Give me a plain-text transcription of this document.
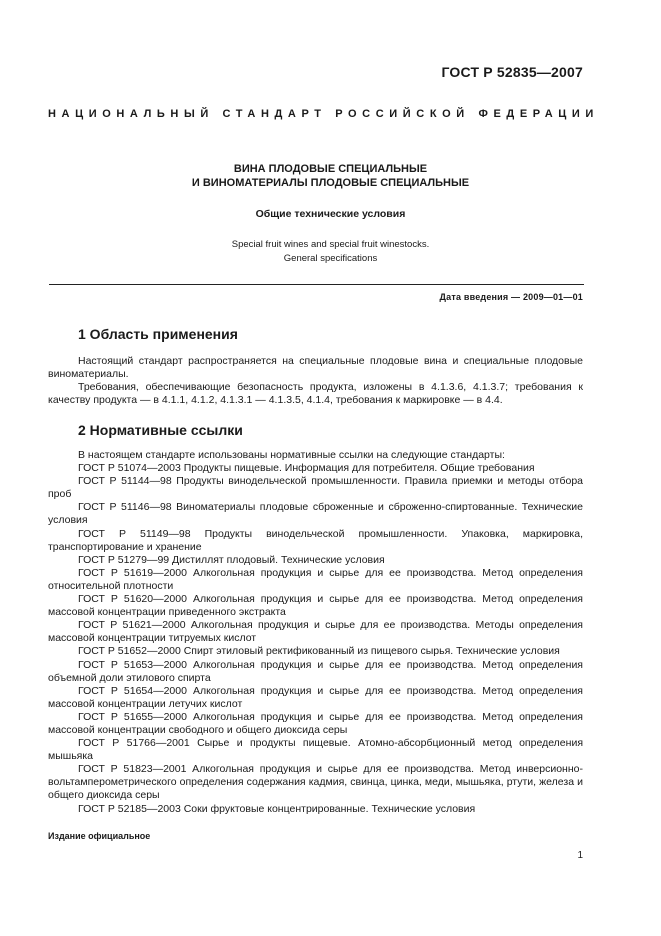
ГОСТ Р 52835—2007
НАЦИОНАЛЬНЫЙ СТАНДАРТ РОССИЙСКОЙ ФЕДЕРАЦИИ
ВИНА ПЛОДОВЫЕ СПЕЦИАЛЬНЫЕ
И ВИНОМАТЕРИАЛЫ ПЛОДОВЫЕ СПЕЦИАЛЬНЫЕ
Общие технические условия
Special fruit wines and special fruit winestocks.
General specifications
Дата введения — 2009—01—01
1 Область применения

Настоящий стандарт распространяется на специальные плодовые вина и специальные плодовые виноматериалы.

Требования, обеспечивающие безопасность продукта, изложены в 4.1.3.6, 4.1.3.7; требования к качеству продукта — в 4.1.1, 4.1.2, 4.1.3.1 — 4.1.3.5, 4.1.4, требования к маркировке — в 4.4.

2 Нормативные ссылки

В настоящем стандарте использованы нормативные ссылки на следующие стандарты:

ГОСТ Р 51074—2003 Продукты пищевые. Информация для потребителя. Общие требования

ГОСТ Р 51144—98 Продукты винодельческой промышленности. Правила приемки и методы отбора проб

ГОСТ Р 51146—98 Виноматериалы плодовые сброженные и сброженно-спиртованные. Технические условия

ГОСТ Р 51149—98 Продукты винодельческой промышленности. Упаковка, маркировка, транспортирование и хранение

ГОСТ Р 51279—99 Дистиллят плодовый. Технические условия

ГОСТ Р 51619—2000 Алкогольная продукция и сырье для ее производства. Метод определения относительной плотности

ГОСТ Р 51620—2000 Алкогольная продукция и сырье для ее производства. Метод определения массовой концентрации приведенного экстракта

ГОСТ Р 51621—2000 Алкогольная продукция и сырье для ее производства. Методы определения массовой концентрации титруемых кислот

ГОСТ Р 51652—2000 Спирт этиловый ректификованный из пищевого сырья. Технические условия

ГОСТ Р 51653—2000 Алкогольная продукция и сырье для ее производства. Метод определения объемной доли этилового спирта

ГОСТ Р 51654—2000 Алкогольная продукция и сырье для ее производства. Метод определения массовой концентрации летучих кислот

ГОСТ Р 51655—2000 Алкогольная продукция и сырье для ее производства. Метод определения массовой концентрации свободного и общего диоксида серы

ГОСТ Р 51766—2001 Сырье и продукты пищевые. Атомно-абсорбционный метод определения мышьяка

ГОСТ Р 51823—2001 Алкогольная продукция и сырье для ее производства. Метод инверсионно-вольтамперометрического определения содержания кадмия, свинца, цинка, меди, мышьяка, ртути, железа и общего диоксида серы

ГОСТ Р 52185—2003 Соки фруктовые концентрированные. Технические условия

Издание официальное
1
